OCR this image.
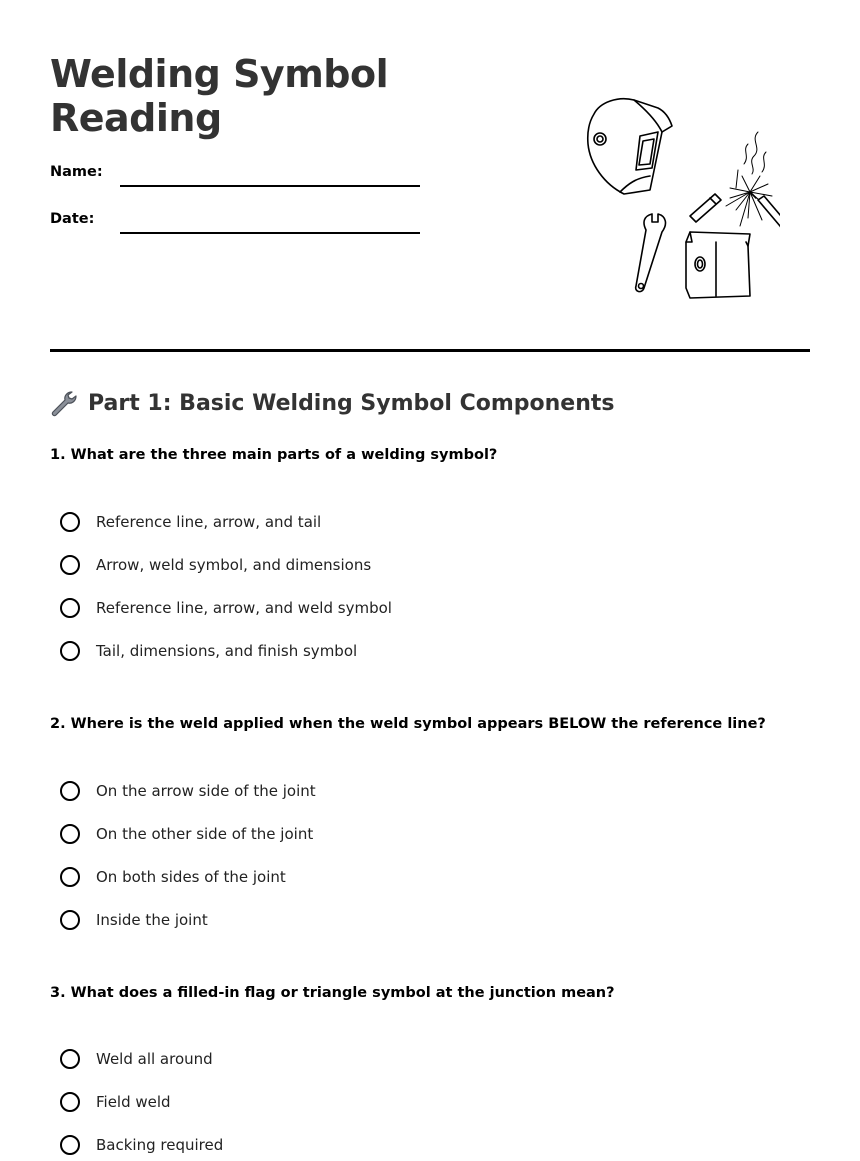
Welding Symbol
Reading
Name:
Date:
Part 1: Basic Welding Symbol Components

1. What are the three main parts of a welding symbol?

Reference line, arrow, and tail
Arrow, weld symbol, and dimensions
Reference line, arrow, and weld symbol
Tail, dimensions, and finish symbol

2. Where is the weld applied when the weld symbol appears BELOW the reference line?

On the arrow side of the joint
On the other side of the joint
On both sides of the joint
Inside the joint

3. What does a filled-in flag or triangle symbol at the junction mean?

Weld all around
Field weld
Backing required
